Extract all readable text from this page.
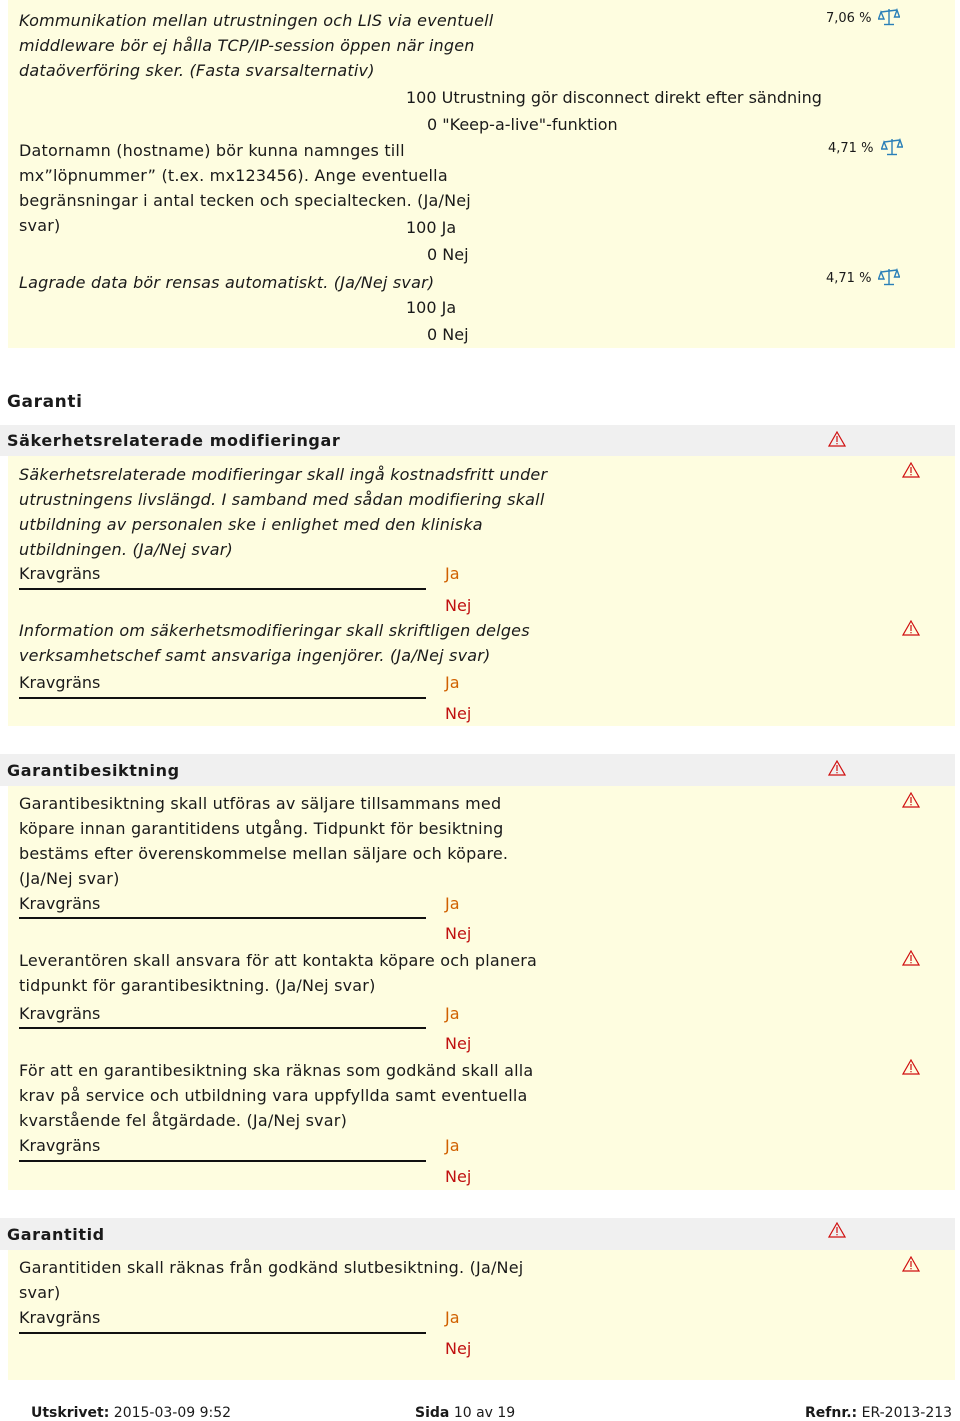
Kommunikation mellan utrustningen och LIS via eventuell middleware bör ej hålla TCP/IP-session öppen när ingen dataöverföring sker. (Fasta svarsalternativ)
7,06 %
100 Utrustning gör disconnect direkt efter sändning
0 "Keep-a-live"-funktion
Datornamn (hostname) bör kunna namnges till mx”löpnummer” (t.ex. mx123456). Ange eventuella begränsningar i antal tecken och specialtecken. (Ja/Nej svar)
4,71 %
100 Ja
0 Nej
Lagrade data bör rensas automatiskt. (Ja/Nej svar)	4,71 %
100 Ja
0 Nej
Garanti
Säkerhetsrelaterade modifieringar
Säkerhetsrelaterade modifieringar skall ingå kostnadsfritt under utrustningens livslängd. I samband med sådan modifiering skall utbildning av personalen ske i enlighet med den kliniska utbildningen. (Ja/Nej svar)
Kravgräns	Ja
Nej
Information om säkerhetsmodifieringar skall skriftligen delges verksamhetschef samt ansvariga ingenjörer. (Ja/Nej svar)
Kravgräns	Ja
Nej
Garantibesiktning
Garantibesiktning skall utföras av säljare tillsammans med köpare innan garantitidens utgång. Tidpunkt för besiktning bestäms efter överenskommelse mellan säljare och köpare. (Ja/Nej svar)
Kravgräns	Ja
Nej
Leverantören skall ansvara för att kontakta köpare och planera tidpunkt för garantibesiktning. (Ja/Nej svar)
Kravgräns	Ja
Nej
För att en garantibesiktning ska räknas som godkänd skall alla krav på service och utbildning vara uppfyllda samt eventuella kvarstående fel åtgärdade. (Ja/Nej svar)
Kravgräns	Ja
Nej
Garantitid
Garantitiden skall räknas från godkänd slutbesiktning. (Ja/Nej svar)
Kravgräns	Ja
Nej
Utskrivet: 2015-03-09 9:52	Sida 10 av 19	Refnr.: ER-2013-213
